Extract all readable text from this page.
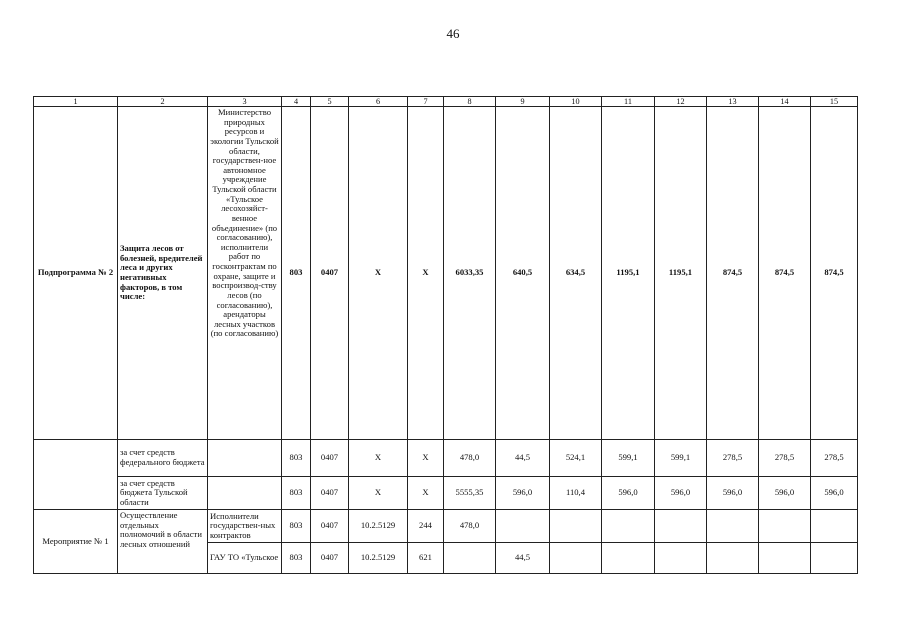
46
1	2	3	4	5	6	7	8	9	10	11	12	13	14	15
Подпрограмма № 2	Защита лесов от болезней, вредителей леса и других негативных факторов, в том числе:	Министерство природных ресурсов и экологии Тульской области, государствен-ное автономное учреждение Тульской области «Тульское лесохозяйст-венное объединение» (по согласованию), исполнители работ по госконтрактам по охране, защите и воспроизвод-ству лесов (по согласованию), арендаторы лесных участков (по согласованию)	803	0407	X	X	6033,35	640,5	634,5	1195,1	1195,1	874,5	874,5	874,5
	за счет средств федерального бюджета		803	0407	X	X	478,0	44,5	524,1	599,1	599,1	278,5	278,5	278,5
	за счет средств бюджета Тульской области		803	0407	X	X	5555,35	596,0	110,4	596,0	596,0	596,0	596,0	596,0
Мероприятие № 1	Осуществление отдельных полномочий в области лесных отношений	Исполнители государствен-ных контрактов	803	0407	10.2.5129	244	478,0							
		ГАУ ТО «Тульское	803	0407	10.2.5129	621		44,5						
